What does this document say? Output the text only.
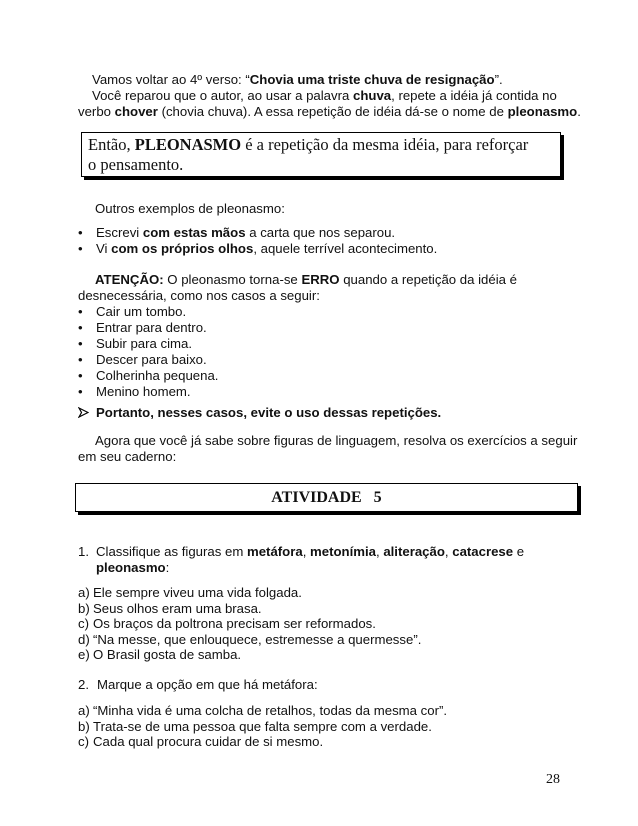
Vamos voltar ao 4º verso: “Chovia uma triste chuva de resignação”.
Você reparou que o autor, ao usar a palavra chuva, repete a idéia já contida no
verbo chover (chovia chuva). A essa repetição de idéia dá-se o nome de pleonasmo.
Então, PLEONASMO é a repetição da mesma idéia, para reforçar
o pensamento.
Outros exemplos de pleonasmo:
• Escrevi com estas mãos a carta que nos separou.
• Vi com os próprios olhos, aquele terrível acontecimento.
ATENÇÃO: O pleonasmo torna-se ERRO quando a repetição da idéia é
desnecessária, como nos casos a seguir:
• Cair um tombo.
• Entrar para dentro.
• Subir para cima.
• Descer para baixo.
• Colherinha pequena.
• Menino homem.
Portanto, nesses casos, evite o uso dessas repetições.
Agora que você já sabe sobre figuras de linguagem, resolva os exercícios a seguir
em seu caderno:
ATIVIDADE   5
1. Classifique as figuras em metáfora, metonímia, aliteração, catacrese e
pleonasmo:
a) Ele sempre viveu uma vida folgada.
b) Seus olhos eram uma brasa.
c) Os braços da poltrona precisam ser reformados.
d) “Na messe, que enlouquece, estremesse a quermesse”.
e) O Brasil gosta de samba.
2. Marque a opção em que há metáfora:
a) “Minha vida é uma colcha de retalhos, todas da mesma cor”.
b) Trata-se de uma pessoa que falta sempre com a verdade.
c) Cada qual procura cuidar de si mesmo.
28
